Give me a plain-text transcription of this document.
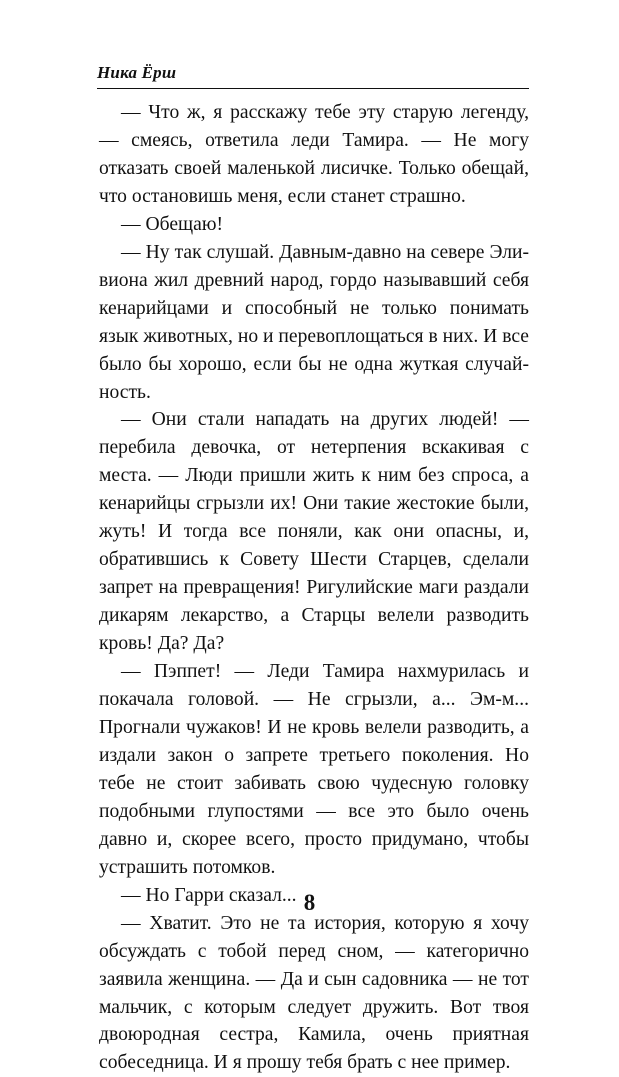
Ника Ёрш

— Что ж, я расскажу тебе эту старую легенду, — смеясь, ответила леди Тамира. — Не могу отказать своей маленькой лисичке. Только обещай, что остановишь меня, если станет страшно.

— Обещаю!

— Ну так слушай. Давным-давно на севере Эливиона жил древний народ, гордо называвший себя кенарийцами и способный не только понимать язык животных, но и перевоплощаться в них. И все было бы хорошо, если бы не одна жуткая случайность.

— Они стали нападать на других людей! — перебила девочка, от нетерпения вскакивая с места. — Люди пришли жить к ним без спроса, а кенарийцы сгрызли их! Они такие жестокие были, жуть! И тогда все поняли, как они опасны, и, обратившись к Совету Шести Старцев, сделали запрет на превращения! Ригулийские маги раздали дикарям лекарство, а Старцы велели разводить кровь! Да? Да?

— Пэппет! — Леди Тамира нахмурилась и покачала головой. — Не сгрызли, а... Эм-м... Прогнали чужаков! И не кровь велели разводить, а издали закон о запрете третьего поколения. Но тебе не стоит забивать свою чудесную головку подобными глупостями — все это было очень давно и, скорее всего, просто придумано, чтобы устрашить потомков.

— Но Гарри сказал...

— Хватит. Это не та история, которую я хочу обсуждать с тобой перед сном, — категорично заявила женщина. — Да и сын садовника — не тот мальчик, с которым следует дружить. Вот твоя двоюродная сестра, Камила, очень приятная собеседница. И я прошу тебя брать с нее пример.

8
